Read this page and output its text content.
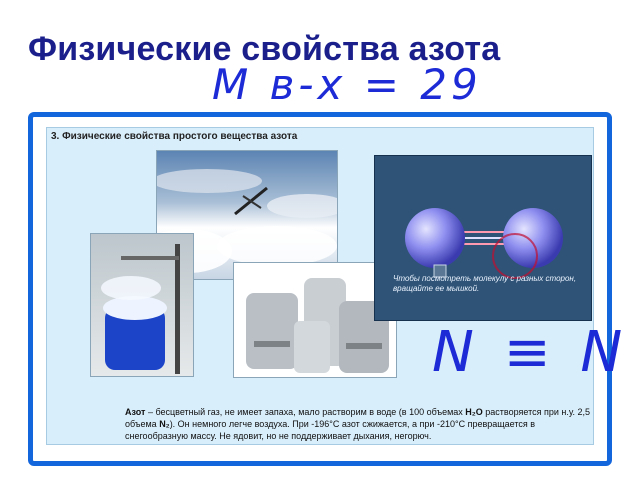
Физические свойства азота
M в-х = 29
3. Физические свойства простого вещества азота
Чтобы посмотреть молекулу с разных сторон, вращайте ее мышкой.
Азот – бесцветный газ, не имеет запаха, мало растворим в воде (в 100 объемах H₂O растворяется при н.у. 2,5 объема N₂). Он немного легче воздуха. При -196°С азот сжижается, а при -210°С превращается в снегообразную массу. Не ядовит, но не поддерживает дыхания, негорюч.
N ≡ N
